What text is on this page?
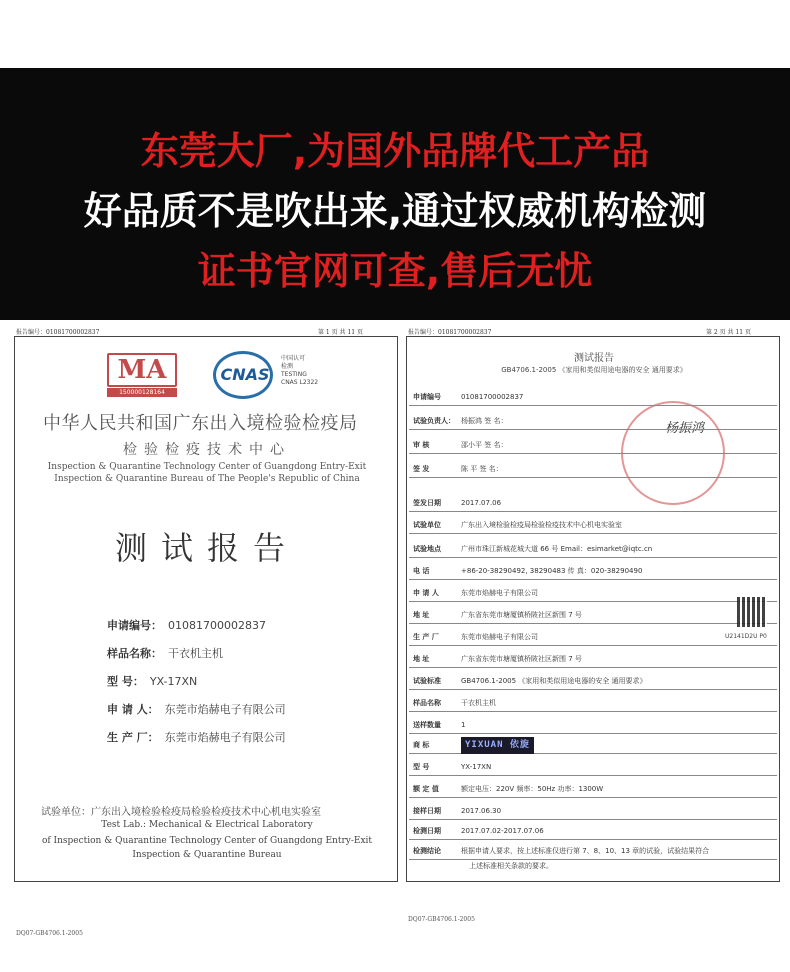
东莞大厂,为国外品牌代工产品
好品质不是吹出来,通过权威机构检测
证书官网可查,售后无忧
报告编号：01081700002837	第 1 页 共 11 页	报告编号：01081700002837	第 2 页 共 11 页
MA
150000128164
CNAS
中国认可
检测
TESTING
CNAS L2322
中华人民共和国广东出入境检验检疫局
检验检疫技术中心
Inspection & Quarantine Technology Center of Guangdong Entry-Exit
Inspection & Quarantine Bureau of The People's Republic of China
测试报告
申请编号： 01081700002837
样品名称： 干衣机主机
型 号： YX-17XN
申 请 人： 东莞市焰赫电子有限公司
生 产 厂： 东莞市焰赫电子有限公司
试验单位：广东出入境检验检疫局检验检疫技术中心机电实验室
Test Lab.: Mechanical & Electrical Laboratory
of Inspection & Quarantine Technology Center of Guangdong Entry-Exit
Inspection & Quarantine Bureau
测试报告
GB4706.1-2005 《家用和类似用途电器的安全 通用要求》
杨振鸿
申请编号	01081700002837
试验负责人： 杨振鸿 签 名：
审 核	邵小平 签 名：
签 发	陈 平 签 名：
签发日期	2017.07.06
试验单位	广东出入境检验检疫局检验检疫技术中心机电实验室
试验地点	广州市珠江新城花城大道 66 号 Email：esimarket@iqtc.cn
电 话	+86-20-38290492, 38290483 传 真：020-38290490
申 请 人	东莞市焰赫电子有限公司
地 址	广东省东莞市塘厦镇桥陂社区新围 7 号
生 产 厂	东莞市焰赫电子有限公司
地 址	广东省东莞市塘厦镇桥陂社区新围 7 号
试验标准	GB4706.1-2005 《家用和类似用途电器的安全 通用要求》
样品名称	干衣机主机
送样数量	1
商 标	YIXUAN 依旋
型 号	YX-17XN
额 定 值	额定电压：220V 频率：50Hz 功率：1300W
接样日期	2017.06.30
检测日期	2017.07.02-2017.07.06
检测结论	根据申请人要求，按上述标准仅进行第 7、8、10、13 章的试验，试验结果符合
U2141D2U P0
上述标准相关条款的要求。
DQ07-GB4706.1-2005
DQ07-GB4706.1-2005
